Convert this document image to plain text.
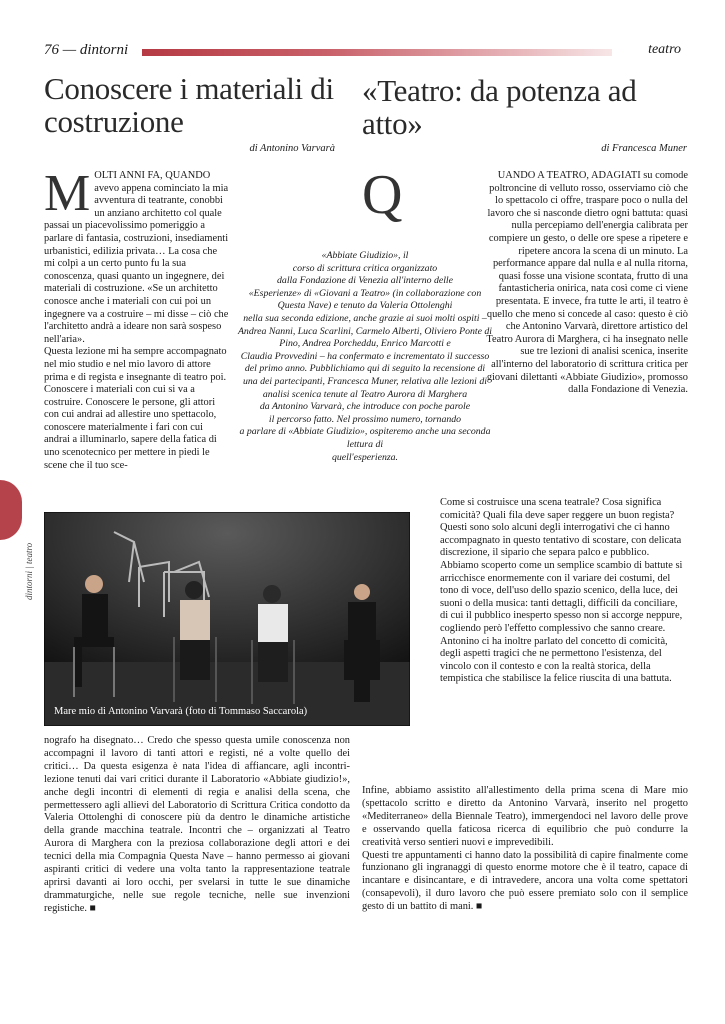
76 — dintorni	teatro
Conoscere i materiali di costruzione
«Teatro: da potenza ad atto»
di Antonino Varvarà	di Francesca Muner
M OLTI ANNI FA, QUANDO avevo appena cominciato la mia avventura di teatrante, conobbi un anziano architetto col quale passai un piacevolissimo pomeriggio a parlare di fantasia, costruzioni, insediamenti urbanistici, edilizia privata… La cosa che mi colpì a un certo punto fu la sua conoscenza, quasi quanto un ingegnere, dei materiali di costruzione. «Se un architetto conosce anche i materiali con cui poi un ingegnere va a costruire – mi disse – ciò che l'architetto andrà a ideare non sarà sospeso nell'aria».
Questa lezione mi ha sempre accompagnato nel mio studio e nel mio lavoro di attore prima e di regista e insegnante di teatro poi. Conoscere i materiali con cui si va a costruire. Conoscere le persone, gli attori con cui andrai ad allestire uno spettacolo, conoscere materialmente i fari con cui andrai a illuminarlo, sapere della fatica di uno scenotecnico per mettere in piedi le scene che il tuo sce-

«Abbiate Giudizio», il
corso di scrittura critica organizzato
dalla Fondazione di Venezia all'interno delle
«Esperienze» di «Giovani a Teatro» (in collaborazione con Questa Nave) e tenuto da Valeria Ottolenghi
nella sua seconda edizione, anche grazie ai suoi molti ospiti – Andrea Nanni, Luca Scarlini, Carmelo Alberti, Oliviero Ponte di Pino, Andrea Porcheddu, Enrico Marcotti e
Claudia Provvedini – ha confermato e incrementato il successo
del primo anno. Pubblichiamo qui di seguito la recensione di
una dei partecipanti, Francesca Muner, relativa alle lezioni di analisi scenica tenute al Teatro Aurora di Marghera
da Antonino Varvarà, che introduce con poche parole
il percorso fatto. Nel prossimo numero, tornando
a parlare di «Abbiate Giudizio», ospiteremo anche una seconda lettura di
quell'esperienza.
Q	UANDO A TEATRO, ADAGIATI su comode poltroncine di velluto rosso, osserviamo ciò che lo spettacolo ci offre, traspare poco o nulla del lavoro che si nasconde dietro ogni battuta: quasi nulla percepiamo dell'energia calibrata per compiere un gesto, o delle ore spese a ripetere e ripetere ancora la scena di un minuto. La performance appare dal nulla e al nulla ritorna, quasi fosse una visione scontata, frutto di una fantasticheria onirica, nata così come ci viene presentata. E invece, fra tutte le arti, il teatro è quello che meno si concede al caso: questo è ciò che Antonino Varvarà, direttore artistico del Teatro Aurora di Marghera, ci ha insegnato nelle sue tre lezioni di analisi scenica, inserite all'interno del laboratorio di scrittura critica per giovani dilettanti «Abbiate Giudizio», promosso dalla Fondazione di Venezia.

Come si costruisce una scena teatrale? Cosa significa comicità? Quali fila deve saper reggere un buon regista? Questi sono solo alcuni degli interrogativi che ci hanno accompagnato in questo tentativo di scostare, con delicata discrezione, il sipario che separa palco e pubblico.
Abbiamo scoperto come un semplice scambio di battute si arricchisce enormemente con il variare dei costumi, del tono di voce, dell'uso dello spazio scenico, della luce, dei suoni o della musica: tanti dettagli, difficili da conciliare, di cui il pubblico inesperto spesso non si accorge neppure, cogliendo però l'effetto complessivo che sanno creare. Antonino ci ha inoltre parlato del concetto di comicità, degli aspetti tragici che ne permettono l'esistenza, del vincolo con il contesto e con la realtà storica, della tempistica che stabilisce la felice riuscita di una battuta.

dintorni | teatro
Mare mio di Antonino Varvarà (foto di Tommaso Saccarola)

nografo ha disegnato… Credo che spesso questa umile conoscenza non accompagni il lavoro di tanti attori e registi, né a volte quello dei critici… Da questa esigenza è nata l'idea di affiancare, agli incontri-lezione tenuti dai vari critici durante il Laboratorio «Abbiate giudizio!», anche degli incontri di elementi di regia e analisi della scena, che permettessero agli allievi del Laboratorio di Scrittura Critica condotto da Valeria Ottolenghi di conoscere più da dentro le dinamiche artistiche della grande macchina teatrale. Incontri che – organizzati al Teatro Aurora di Marghera con la preziosa collaborazione degli attori e dei tecnici della mia Compagnia Questa Nave – hanno permesso ai giovani aspiranti critici di vedere una volta tanto la rappresentazione teatrale aprirsi davanti ai loro occhi, per svelarsi in tutte le sue dinamiche drammaturgiche, nelle sue regole tecniche, nelle sue invenzioni registiche. ■

Infine, abbiamo assistito all'allestimento della prima scena di Mare mio (spettacolo scritto e diretto da Antonino Varvarà, inserito nel progetto «Mediterraneo» della Biennale Teatro), immergendoci nel lavoro delle prove e osservando quella faticosa ricerca di equilibrio che può condurre la creatività verso sentieri nuovi e imprevedibili.
Questi tre appuntamenti ci hanno dato la possibilità di capire finalmente come funzionano gli ingranaggi di questo enorme motore che è il teatro, capace di incantare e disincantare, e di intravedere, ancora una volta come spettatori (consapevoli), il duro lavoro che può essere premiato solo con il semplice gesto di un battito di mani. ■
